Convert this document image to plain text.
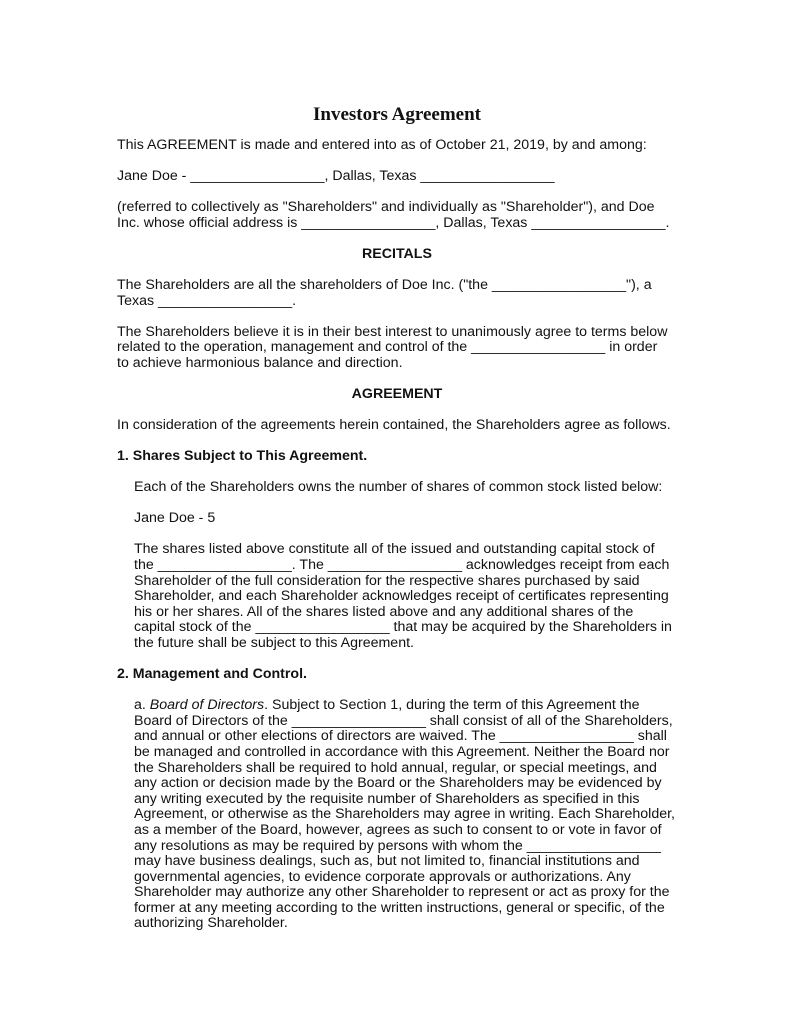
Investors Agreement

This AGREEMENT is made and entered into as of October 21, 2019, by and among:

Jane Doe - _________________, Dallas, Texas _________________

(referred to collectively as "Shareholders" and individually as "Shareholder"), and Doe
Inc. whose official address is _________________, Dallas, Texas _________________.

RECITALS

The Shareholders are all the shareholders of Doe Inc. ("the _________________"), a
Texas _________________.

The Shareholders believe it is in their best interest to unanimously agree to terms below
related to the operation, management and control of the _________________ in order
to achieve harmonious balance and direction.

AGREEMENT

In consideration of the agreements herein contained, the Shareholders agree as follows.

1. Shares Subject to This Agreement.

Each of the Shareholders owns the number of shares of common stock listed below:

Jane Doe - 5

The shares listed above constitute all of the issued and outstanding capital stock of
the _________________. The _________________ acknowledges receipt from each
Shareholder of the full consideration for the respective shares purchased by said
Shareholder, and each Shareholder acknowledges receipt of certificates representing
his or her shares. All of the shares listed above and any additional shares of the
capital stock of the _________________ that may be acquired by the Shareholders in
the future shall be subject to this Agreement.

2. Management and Control.

a. Board of Directors. Subject to Section 1, during the term of this Agreement the
Board of Directors of the _________________ shall consist of all of the Shareholders,
and annual or other elections of directors are waived. The _________________ shall
be managed and controlled in accordance with this Agreement. Neither the Board nor
the Shareholders shall be required to hold annual, regular, or special meetings, and
any action or decision made by the Board or the Shareholders may be evidenced by
any writing executed by the requisite number of Shareholders as specified in this
Agreement, or otherwise as the Shareholders may agree in writing. Each Shareholder,
as a member of the Board, however, agrees as such to consent to or vote in favor of
any resolutions as may be required by persons with whom the _________________
may have business dealings, such as, but not limited to, financial institutions and
governmental agencies, to evidence corporate approvals or authorizations. Any
Shareholder may authorize any other Shareholder to represent or act as proxy for the
former at any meeting according to the written instructions, general or specific, of the
authorizing Shareholder.
